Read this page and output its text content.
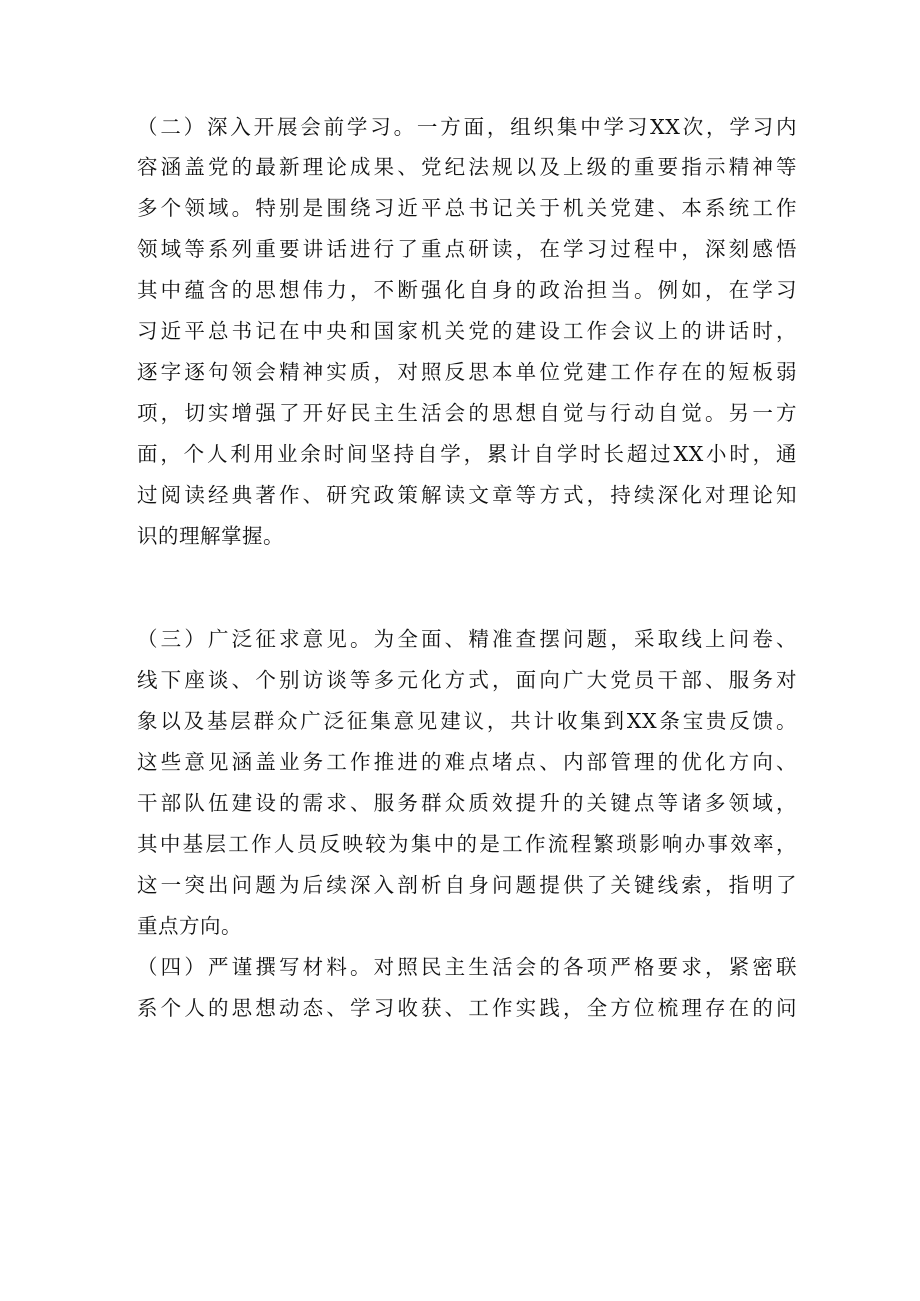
（二）深入开展会前学习。一方面，组织集中学习XX次，学习内
容涵盖党的最新理论成果、党纪法规以及上级的重要指示精神等
多个领域。特别是围绕习近平总书记关于机关党建、本系统工作
领域等系列重要讲话进行了重点研读，在学习过程中，深刻感悟
其中蕴含的思想伟力，不断强化自身的政治担当。例如，在学习
习近平总书记在中央和国家机关党的建设工作会议上的讲话时，
逐字逐句领会精神实质，对照反思本单位党建工作存在的短板弱
项，切实增强了开好民主生活会的思想自觉与行动自觉。另一方
面，个人利用业余时间坚持自学，累计自学时长超过XX小时，通
过阅读经典著作、研究政策解读文章等方式，持续深化对理论知
识的理解掌握。
（三）广泛征求意见。为全面、精准查摆问题，采取线上问卷、
线下座谈、个别访谈等多元化方式，面向广大党员干部、服务对
象以及基层群众广泛征集意见建议，共计收集到XX条宝贵反馈。
这些意见涵盖业务工作推进的难点堵点、内部管理的优化方向、
干部队伍建设的需求、服务群众质效提升的关键点等诸多领域，
其中基层工作人员反映较为集中的是工作流程繁琐影响办事效率，
这一突出问题为后续深入剖析自身问题提供了关键线索，指明了
重点方向。
（四）严谨撰写材料。对照民主生活会的各项严格要求，紧密联
系个人的思想动态、学习收获、工作实践，全方位梳理存在的问
